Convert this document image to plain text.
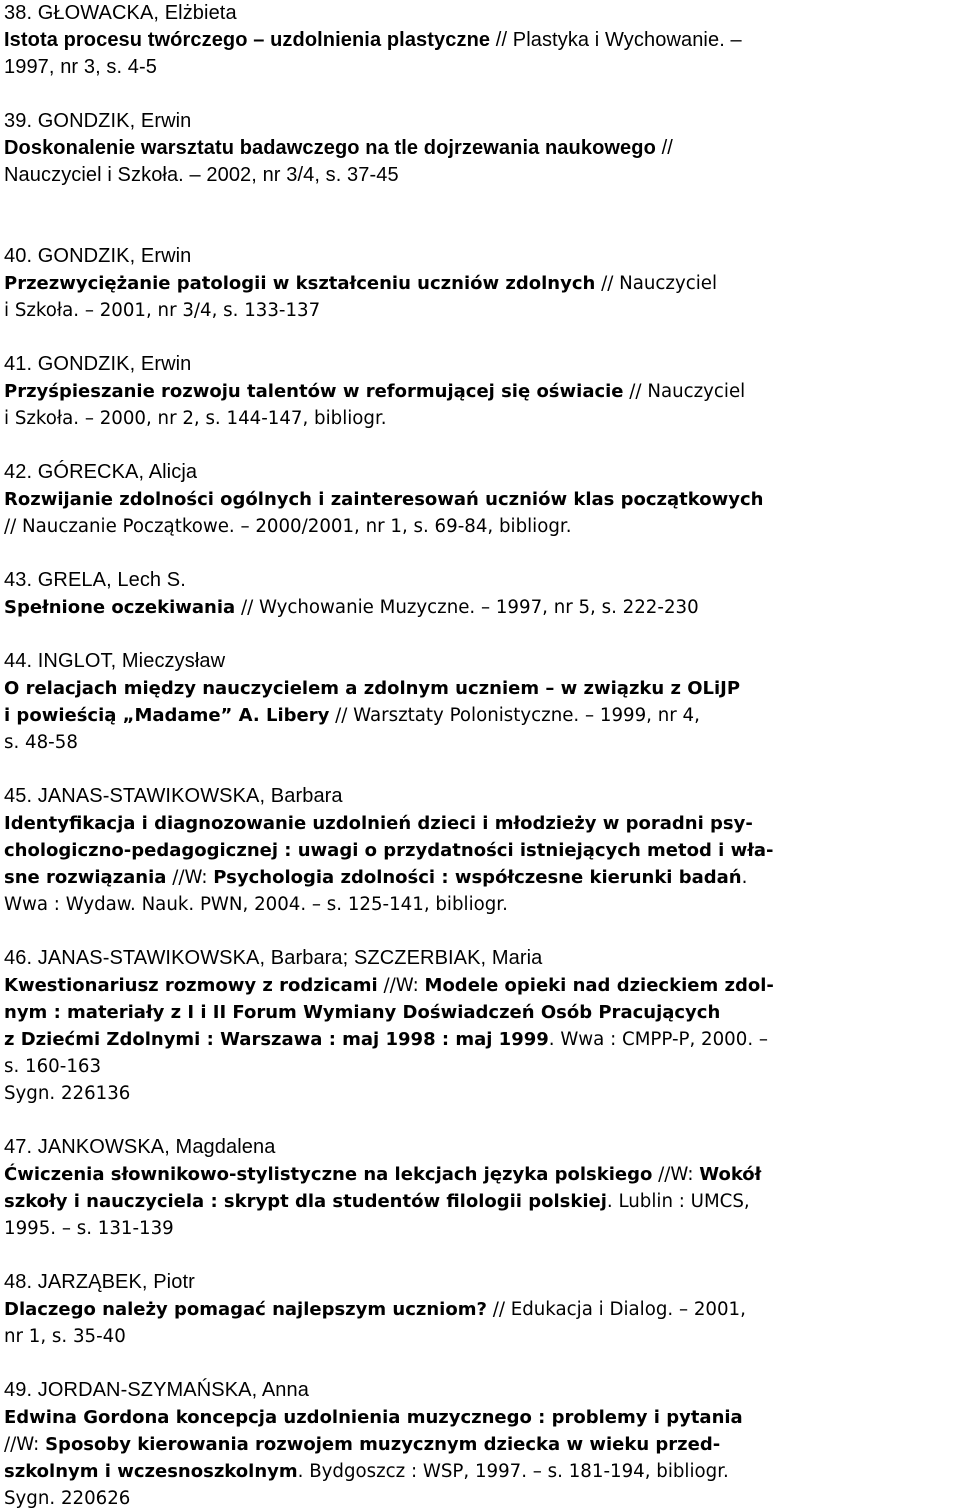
38. GŁOWACKA, Elżbieta
Istota procesu twórczego – uzdolnienia plastyczne // Plastyka i Wychowanie. –
1997, nr 3, s. 4-5
39. GONDZIK, Erwin
Doskonalenie warsztatu badawczego na tle dojrzewania naukowego //
Nauczyciel i Szkoła. – 2002, nr 3/4, s. 37-45
40. GONDZIK, Erwin
Przezwyciężanie patologii w kształceniu uczniów zdolnych // Nauczyciel
i Szkoła. – 2001, nr 3/4, s. 133-137
41. GONDZIK, Erwin
Przyśpieszanie rozwoju talentów w reformującej się oświacie // Nauczyciel
i Szkoła. – 2000, nr 2, s. 144-147, bibliogr.
42. GÓRECKA, Alicja
Rozwijanie zdolności ogólnych i zainteresowań uczniów klas początkowych
// Nauczanie Początkowe. – 2000/2001, nr 1, s. 69-84, bibliogr.
43. GRELA, Lech S.
Spełnione oczekiwania // Wychowanie Muzyczne. – 1997, nr 5, s. 222-230
44. INGLOT, Mieczysław
O relacjach między nauczycielem a zdolnym uczniem – w związku z OLiJP
i powieścią „Madame” A. Libery // Warsztaty Polonistyczne. – 1999, nr 4,
s. 48-58
45. JANAS-STAWIKOWSKA, Barbara
Identyfikacja i diagnozowanie uzdolnień dzieci i młodzieży w poradni psy-
chologiczno-pedagogicznej : uwagi o przydatności istniejących metod i wła-
sne rozwiązania //W: Psychologia zdolności : współczesne kierunki badań.
Wwa : Wydaw. Nauk. PWN, 2004. – s. 125-141, bibliogr.
46. JANAS-STAWIKOWSKA, Barbara; SZCZERBIAK, Maria
Kwestionariusz rozmowy z rodzicami //W: Modele opieki nad dzieckiem zdol-
nym : materiały z I i II Forum Wymiany Doświadczeń Osób Pracujących
z Dziećmi Zdolnymi : Warszawa : maj 1998 : maj 1999. Wwa : CMPP-P, 2000. –
s. 160-163
Sygn. 226136
47. JANKOWSKA, Magdalena
Ćwiczenia słownikowo-stylistyczne na lekcjach języka polskiego //W: Wokół
szkoły i nauczyciela : skrypt dla studentów filologii polskiej. Lublin : UMCS,
1995. – s. 131-139
48. JARZĄBEK, Piotr
Dlaczego należy pomagać najlepszym uczniom? // Edukacja i Dialog. – 2001,
nr 1, s. 35-40
49. JORDAN-SZYMAŃSKA, Anna
Edwina Gordona koncepcja uzdolnienia muzycznego : problemy i pytania
//W: Sposoby kierowania rozwojem muzycznym dziecka w wieku przed-
szkolnym i wczesnoszkolnym. Bydgoszcz : WSP, 1997. – s. 181-194, bibliogr.
Sygn. 220626
